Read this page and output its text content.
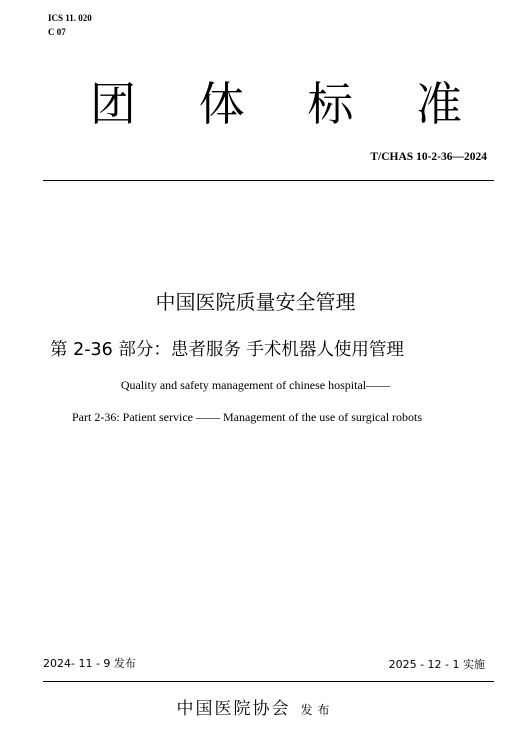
ICS 11. 020
C 07
团 体 标 准
T/CHAS 10-2-36—2024
中国医院质量安全管理
第 2-36 部分：患者服务 手术机器人使用管理
Quality and safety management of chinese hospital——
Part 2-36: Patient service —— Management of the use of surgical robots
2024- 11 - 9 发布	2025 - 12 - 1 实施
中国医院协会 发布
